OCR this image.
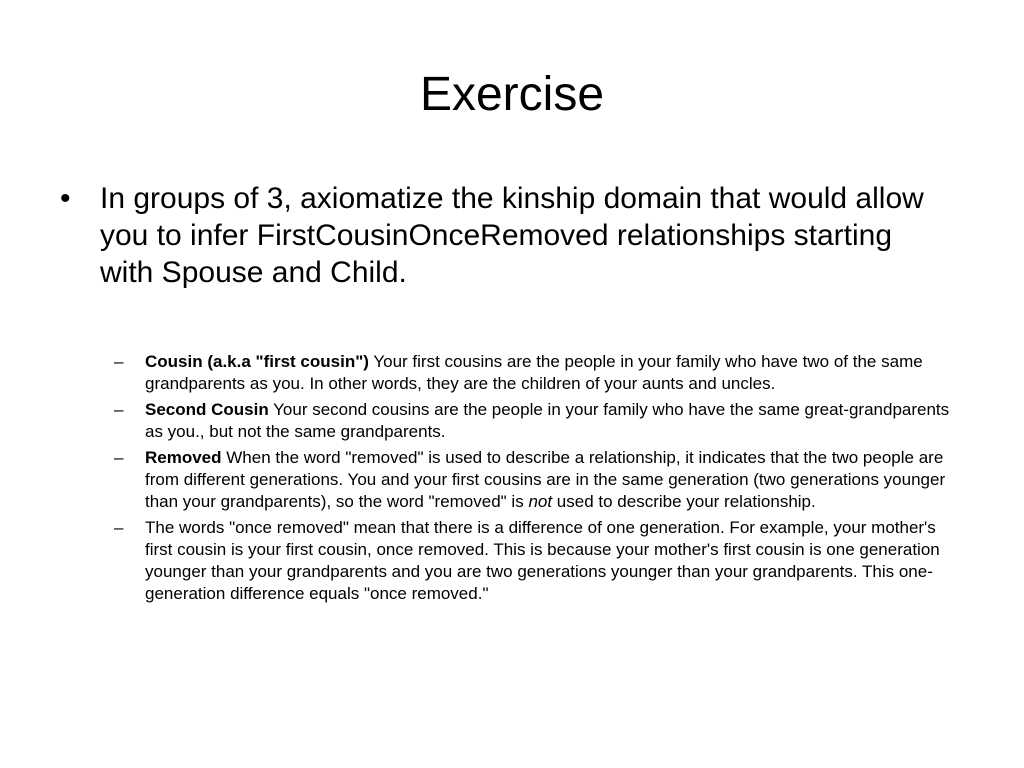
Exercise
• In groups of 3, axiomatize the kinship domain that would allow you to infer FirstCousinOnceRemoved relationships starting with Spouse and Child.
–	Cousin (a.k.a "first cousin") Your first cousins are the people in your family who have two of the same grandparents as you. In other words, they are the children of your aunts and uncles.
–	Second Cousin Your second cousins are the people in your family who have the same great-grandparents as you., but not the same grandparents.
–	Removed When the word "removed" is used to describe a relationship, it indicates that the two people are from different generations. You and your first cousins are in the same generation (two generations younger than your grandparents), so the word "removed" is not used to describe your relationship.
–	The words "once removed" mean that there is a difference of one generation. For example, your mother's first cousin is your first cousin, once removed. This is because your mother's first cousin is one generation younger than your grandparents and you are two generations younger than your grandparents. This one-generation difference equals "once removed."
